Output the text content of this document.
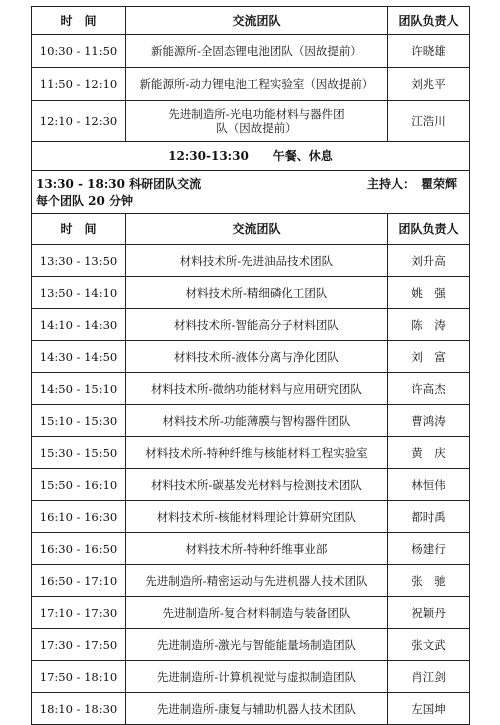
时　间	交流团队	团队负责人
10:30 - 11:50	新能源所-全固态锂电池团队（因故提前）	许晓雄
11:50 - 12:10	新能源所-动力锂电池工程实验室（因故提前）	刘兆平
12:10 - 12:30	先进制造所-光电功能材料与器件团队（因故提前）	江浩川
12:30-13:30　　午餐、休息		

13:30 - 18:30 科研团队交流 主持人：　瞿荣辉
每个团队 20 分钟		

时　间	交流团队	团队负责人
13:30 - 13:50	材料技术所-先进油品技术团队	刘升高
13:50 - 14:10	材料技术所-精细磷化工团队	姚　强
14:10 - 14:30	材料技术所-智能高分子材料团队	陈　涛
14:30 - 14:50	材料技术所-液体分离与净化团队	刘　富
14:50 - 15:10	材料技术所-微纳功能材料与应用研究团队	许高杰
15:10 - 15:30	材料技术所-功能薄膜与智构器件团队	曹鸿涛
15:30 - 15:50	材料技术所-特种纤维与核能材料工程实验室	黄　庆
15:50 - 16:10	材料技术所-碳基发光材料与检测技术团队	林恒伟
16:10 - 16:30	材料技术所-核能材料理论计算研究团队	都时禹
16:30 - 16:50	材料技术所-特种纤维事业部	杨建行
16:50 - 17:10	先进制造所-精密运动与先进机器人技术团队	张　驰
17:10 - 17:30	先进制造所-复合材料制造与装备团队	祝颖丹
17:30 - 17:50	先进制造所-激光与智能能量场制造团队	张文武
17:50 - 18:10	先进制造所-计算机视觉与虚拟制造团队	肖江剑
18:10 - 18:30	先进制造所-康复与辅助机器人技术团队	左国坤
